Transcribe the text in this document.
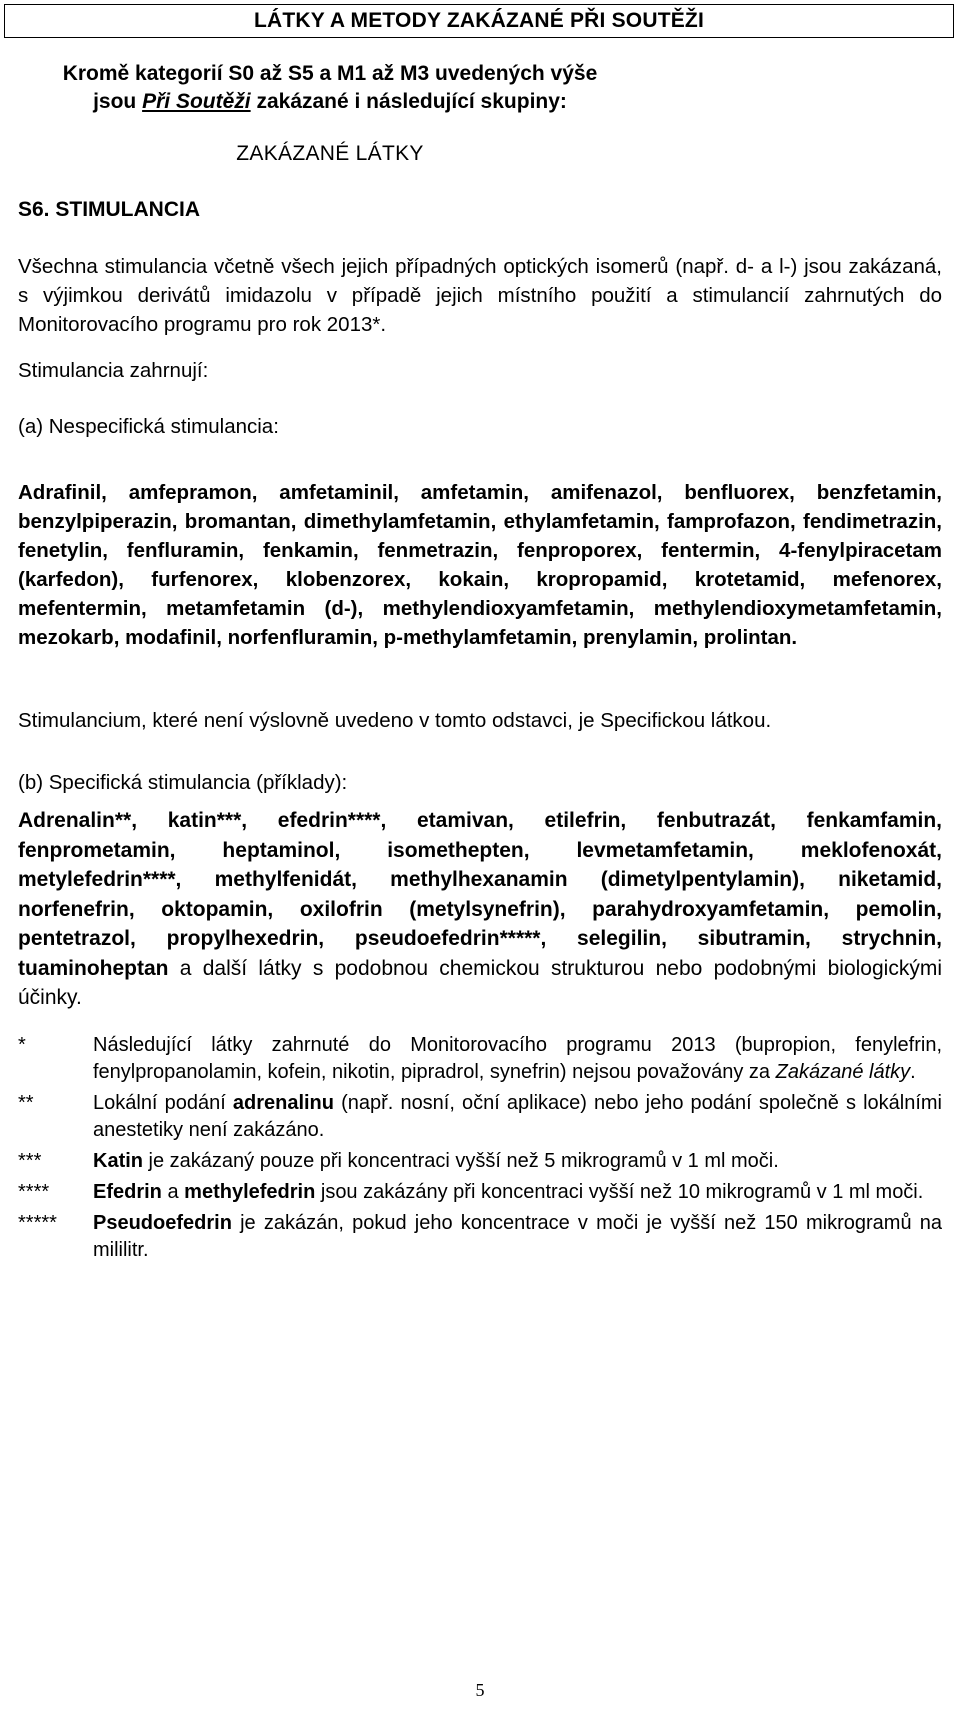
LÁTKY A METODY ZAKÁZANÉ PŘI SOUTĚŽI
Kromě kategorií S0 až S5 a M1 až M3 uvedených výše
jsou Při Soutěži zakázané i následující skupiny:
ZAKÁZANÉ LÁTKY
S6. STIMULANCIA
Všechna stimulancia včetně všech jejich případných optických isomerů (např. d- a l-) jsou zakázaná, s výjimkou derivátů imidazolu v případě jejich místního použití a stimulancií zahrnutých do Monitorovacího programu pro rok 2013*.
Stimulancia zahrnují:
(a) Nespecifická stimulancia:
Adrafinil, amfepramon, amfetaminil, amfetamin, amifenazol, benfluorex, benzfetamin, benzylpiperazin, bromantan, dimethylamfetamin, ethylamfetamin, famprofazon, fendimetrazin, fenetylin, fenfluramin, fenkamin, fenmetrazin, fenproporex, fentermin, 4-fenylpiracetam (karfedon), furfenorex, klobenzorex, kokain, kropropamid, krotetamid, mefenorex, mefentermin, metamfetamin (d-), methylendioxyamfetamin, methylendioxymetamfetamin, mezokarb, modafinil, norfenfluramin, p-methylamfetamin, prenylamin, prolintan.
Stimulancium, které není výslovně uvedeno v tomto odstavci, je Specifickou látkou.
(b) Specifická stimulancia (příklady):
Adrenalin**, katin***, efedrin****, etamivan, etilefrin, fenbutrazát, fenkamfamin, fenprometamin, heptaminol, isomethepten, levmetamfetamin, meklofenoxát, metylefedrin****, methylfenidát, methylhexanamin (dimetylpentylamin), niketamid, norfenefrin, oktopamin, oxilofrin (metylsynefrin), parahydroxyamfetamin, pemolin, pentetrazol, propylhexedrin, pseudoefedrin*****, selegilin, sibutramin, strychnin, tuaminoheptan a další látky s podobnou chemickou strukturou nebo podobnými biologickými účinky.
*	Následující látky zahrnuté do Monitorovacího programu 2013 (bupropion, fenylefrin, fenylpropanolamin, kofein, nikotin, pipradrol, synefrin) nejsou považovány za Zakázané látky.
**	Lokální podání adrenalinu (např. nosní, oční aplikace) nebo jeho podání společně s lokálními anestetiky není zakázáno.
***	Katin je zakázaný pouze při koncentraci vyšší než 5 mikrogramů v 1 ml moči.
****	Efedrin a methylefedrin jsou zakázány při koncentraci vyšší než 10 mikrogramů v 1 ml moči.
*****	Pseudoefedrin je zakázán, pokud jeho koncentrace v moči je vyšší než 150 mikrogramů na mililitr.
5
